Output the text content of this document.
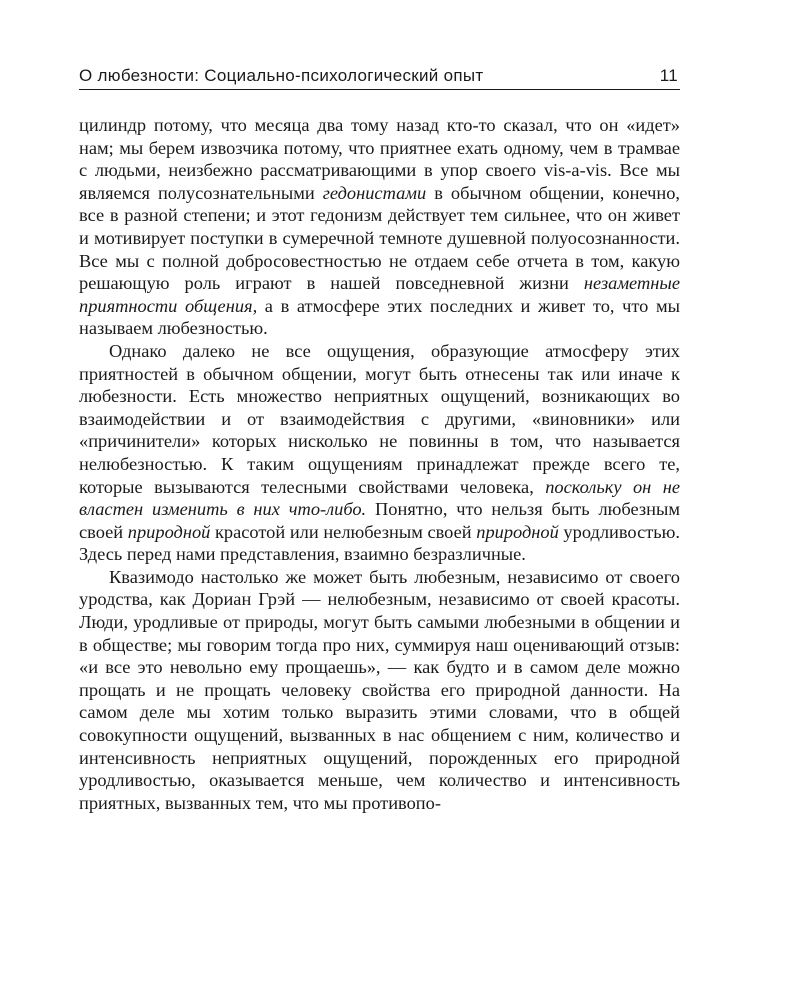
О любезности: Социально-психологический опыт	11

цилиндр потому, что месяца два тому назад кто-то сказал, что он «идет» нам; мы берем извозчика потому, что приятнее ехать одному, чем в трамвае с людьми, неизбежно рассматривающими в упор своего vis-a-vis. Все мы являемся полусознательными гедонистами в обычном общении, конечно, все в разной степени; и этот гедонизм действует тем сильнее, что он живет и мотивирует поступки в сумеречной темноте душевной полуосознанности. Все мы с полной добросовестностью не отдаем себе отчета в том, какую решающую роль играют в нашей повседневной жизни незаметные приятности общения, а в атмосфере этих последних и живет то, что мы называем любезностью.

Однако далеко не все ощущения, образующие атмосферу этих приятностей в обычном общении, могут быть отнесены так или иначе к любезности. Есть множество неприятных ощущений, возникающих во взаимодействии и от взаимодействия с другими, «виновники» или «причинители» которых нисколько не повинны в том, что называется нелюбезностью. К таким ощущениям принадлежат прежде всего те, которые вызываются телесными свойствами человека, поскольку он не властен изменить в них что-либо. Понятно, что нельзя быть любезным своей природной красотой или нелюбезным своей природной уродливостью. Здесь перед нами представления, взаимно безразличные.

Квазимодо настолько же может быть любезным, независимо от своего уродства, как Дориан Грэй — нелюбезным, независимо от своей красоты. Люди, уродливые от природы, могут быть самыми любезными в общении и в обществе; мы говорим тогда про них, суммируя наш оценивающий отзыв: «и все это невольно ему прощаешь», — как будто и в самом деле можно прощать и не прощать человеку свойства его природной данности. На самом деле мы хотим только выразить этими словами, что в общей совокупности ощущений, вызванных в нас общением с ним, количество и интенсивность неприятных ощущений, порожденных его природной уродливостью, оказывается меньше, чем количество и интенсивность приятных, вызванных тем, что мы противопо-
